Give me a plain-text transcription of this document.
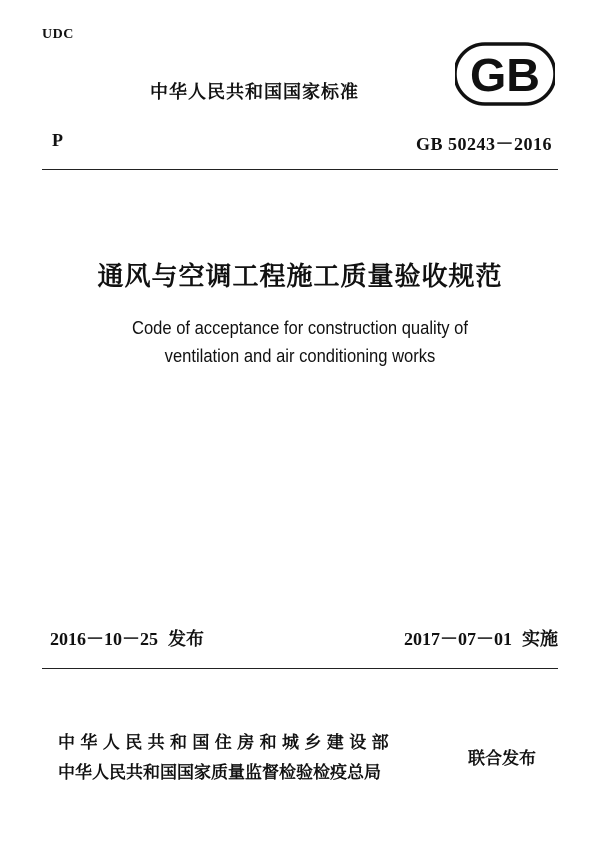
UDC
中华人民共和国国家标准 GB
P	GB 50243－2016
通风与空调工程施工质量验收规范
Code of acceptance for construction quality of
ventilation and air conditioning works
2016－10－25 发布	2017－07－01 实施
中华人民共和国住房和城乡建设部
中华人民共和国国家质量监督检验检疫总局
联合发布
